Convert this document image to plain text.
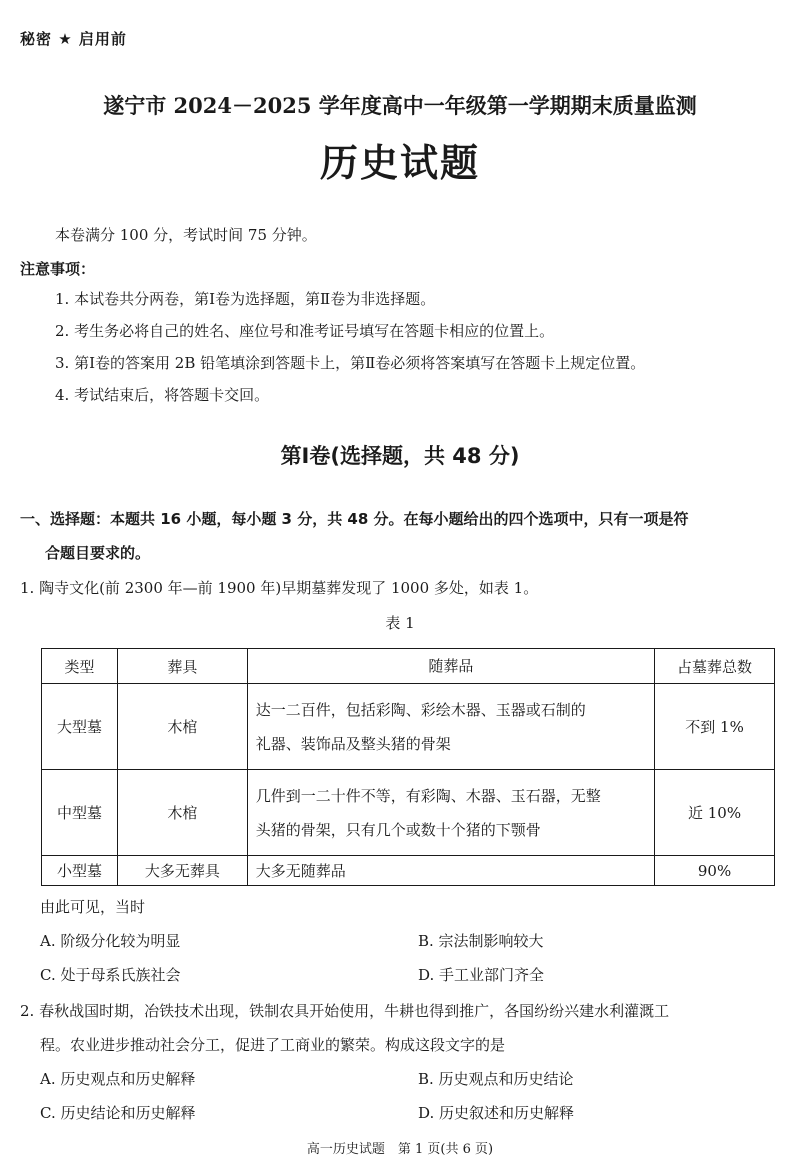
秘密 ★ 启用前
遂宁市 2024－2025 学年度高中一年级第一学期期末质量监测
历史试题
本卷满分 100 分，考试时间 75 分钟。
注意事项：
1. 本试卷共分两卷，第Ⅰ卷为选择题，第Ⅱ卷为非选择题。
2. 考生务必将自己的姓名、座位号和准考证号填写在答题卡相应的位置上。
3. 第Ⅰ卷的答案用 2B 铅笔填涂到答题卡上，第Ⅱ卷必须将答案填写在答题卡上规定位置。
4. 考试结束后，将答题卡交回。
第Ⅰ卷(选择题，共 48 分)
一、选择题：本题共 16 小题，每小题 3 分，共 48 分。在每小题给出的四个选项中，只有一项是符
合题目要求的。
1. 陶寺文化(前 2300 年—前 1900 年)早期墓葬发现了 1000 多处，如表 1。
表 1
类型	葬具	随葬品	占墓葬总数
大型墓	木棺	达一二百件，包括彩陶、彩绘木器、玉器或石制的
礼器、装饰品及整头猪的骨架	不到 1%
中型墓	木棺	几件到一二十件不等，有彩陶、木器、玉石器，无整
头猪的骨架，只有几个或数十个猪的下颚骨	近 10%
小型墓	大多无葬具	大多无随葬品	90%
由此可见，当时
A. 阶级分化较为明显	B. 宗法制影响较大
C. 处于母系氏族社会	D. 手工业部门齐全
2. 春秋战国时期，冶铁技术出现，铁制农具开始使用，牛耕也得到推广，各国纷纷兴建水利灌溉工
程。农业进步推动社会分工，促进了工商业的繁荣。构成这段文字的是
A. 历史观点和历史解释	B. 历史观点和历史结论
C. 历史结论和历史解释	D. 历史叙述和历史解释
高一历史试题　第 1 页(共 6 页)
